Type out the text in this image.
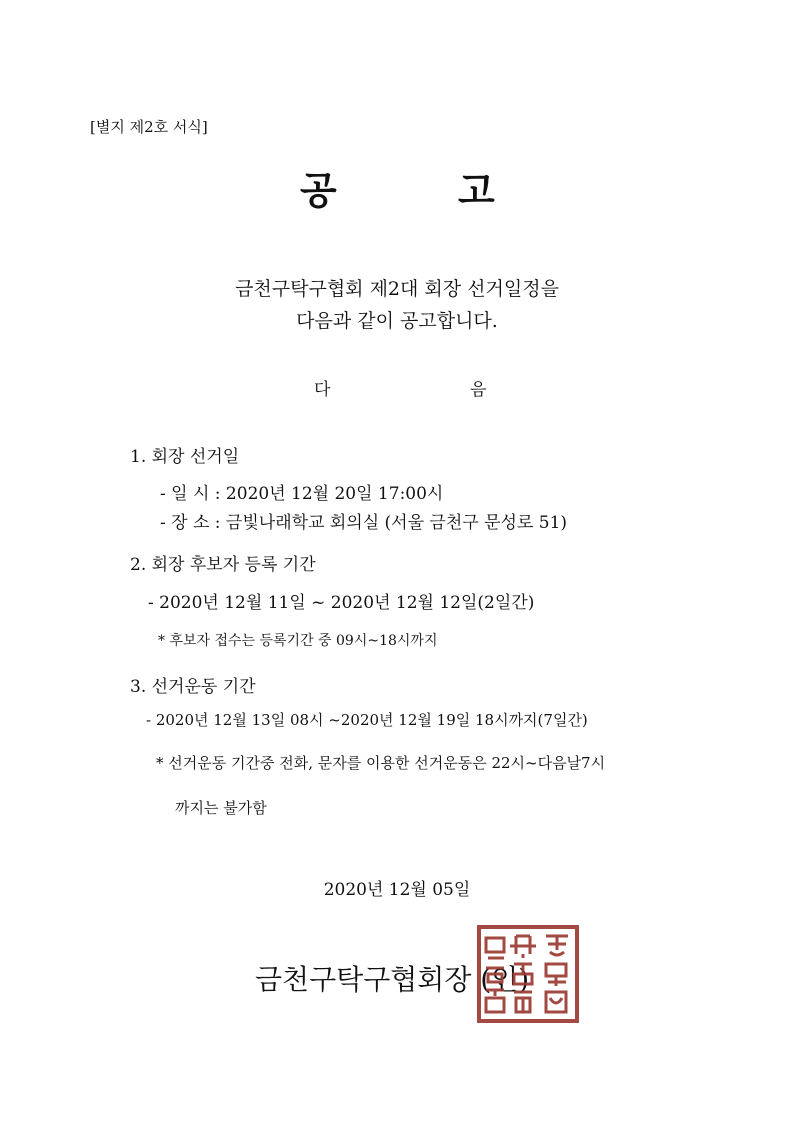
[별지 제2호 서식]
공	고
금천구탁구협회 제2대 회장 선거일정을
다음과 같이 공고합니다.
다	음
1. 회장 선거일
- 일 시 : 2020년 12월 20일 17:00시
- 장 소 : 금빛나래학교 회의실 (서울 금천구 문성로 51)
2. 회장 후보자 등록 기간
- 2020년 12월 11일 ~ 2020년 12월 12일(2일간)
* 후보자 접수는 등록기간 중 09시~18시까지
3. 선거운동 기간
- 2020년 12월 13일 08시 ~2020년 12월 19일 18시까지(7일간)
* 선거운동 기간중 전화, 문자를 이용한 선거운동은 22시~다음날7시
까지는 불가함
2020년 12월 05일
금천구탁구협회장 (인)
